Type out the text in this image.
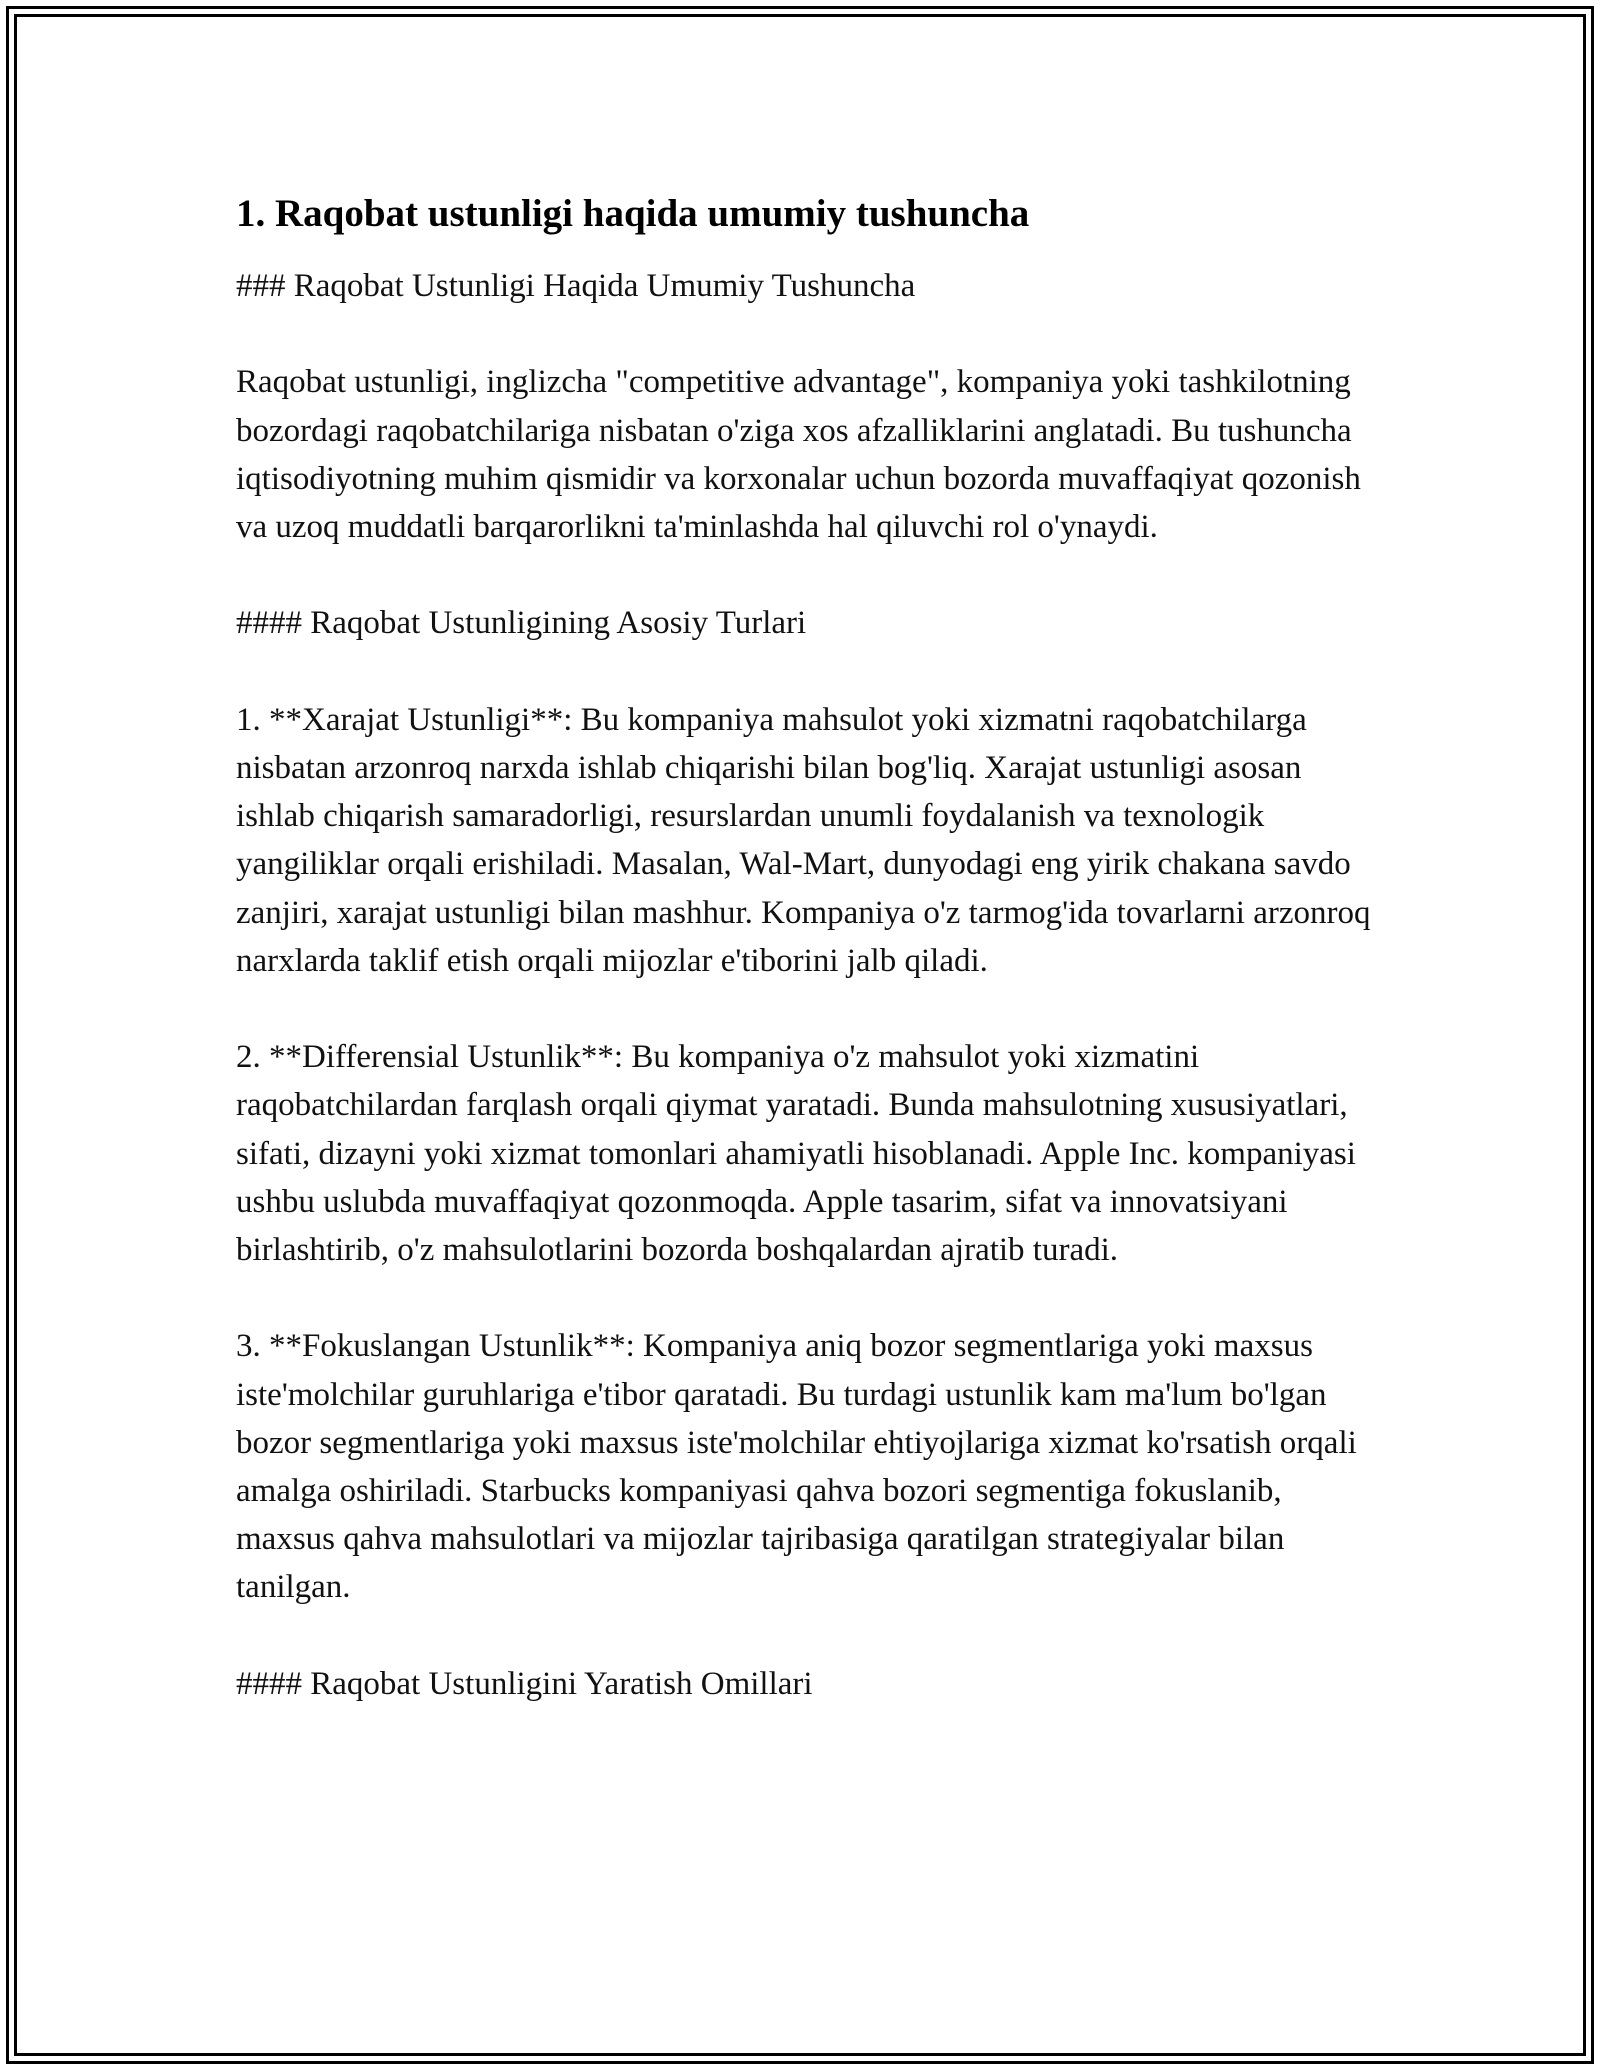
1. Raqobat ustunligi haqida umumiy tushuncha

### Raqobat Ustunligi Haqida Umumiy Tushuncha

Raqobat ustunligi, inglizcha "competitive advantage", kompaniya yoki tashkilotning bozordagi raqobatchilariga nisbatan o'ziga xos afzalliklarini anglatadi. Bu tushuncha iqtisodiyotning muhim qismidir va korxonalar uchun bozorda muvaffaqiyat qozonish va uzoq muddatli barqarorlikni ta'minlashda hal qiluvchi rol o'ynaydi.

#### Raqobat Ustunligining Asosiy Turlari

1. **Xarajat Ustunligi**: Bu kompaniya mahsulot yoki xizmatni raqobatchilarga nisbatan arzonroq narxda ishlab chiqarishi bilan bog'liq. Xarajat ustunligi asosan ishlab chiqarish samaradorligi, resurslardan unumli foydalanish va texnologik yangiliklar orqali erishiladi. Masalan, Wal-Mart, dunyodagi eng yirik chakana savdo zanjiri, xarajat ustunligi bilan mashhur. Kompaniya o'z tarmog'ida tovarlarni arzonroq narxlarda taklif etish orqali mijozlar e'tiborini jalb qiladi.

2. **Differensial Ustunlik**: Bu kompaniya o'z mahsulot yoki xizmatini raqobatchilardan farqlash orqali qiymat yaratadi. Bunda mahsulotning xususiyatlari, sifati, dizayni yoki xizmat tomonlari ahamiyatli hisoblanadi. Apple Inc. kompaniyasi ushbu uslubda muvaffaqiyat qozonmoqda. Apple tasarim, sifat va innovatsiyani birlashtirib, o'z mahsulotlarini bozorda boshqalardan ajratib turadi.

3. **Fokuslangan Ustunlik**: Kompaniya aniq bozor segmentlariga yoki maxsus iste'molchilar guruhlariga e'tibor qaratadi. Bu turdagi ustunlik kam ma'lum bo'lgan bozor segmentlariga yoki maxsus iste'molchilar ehtiyojlariga xizmat ko'rsatish orqali amalga oshiriladi. Starbucks kompaniyasi qahva bozori segmentiga fokuslanib, maxsus qahva mahsulotlari va mijozlar tajribasiga qaratilgan strategiyalar bilan tanilgan.

#### Raqobat Ustunligini Yaratish Omillari
